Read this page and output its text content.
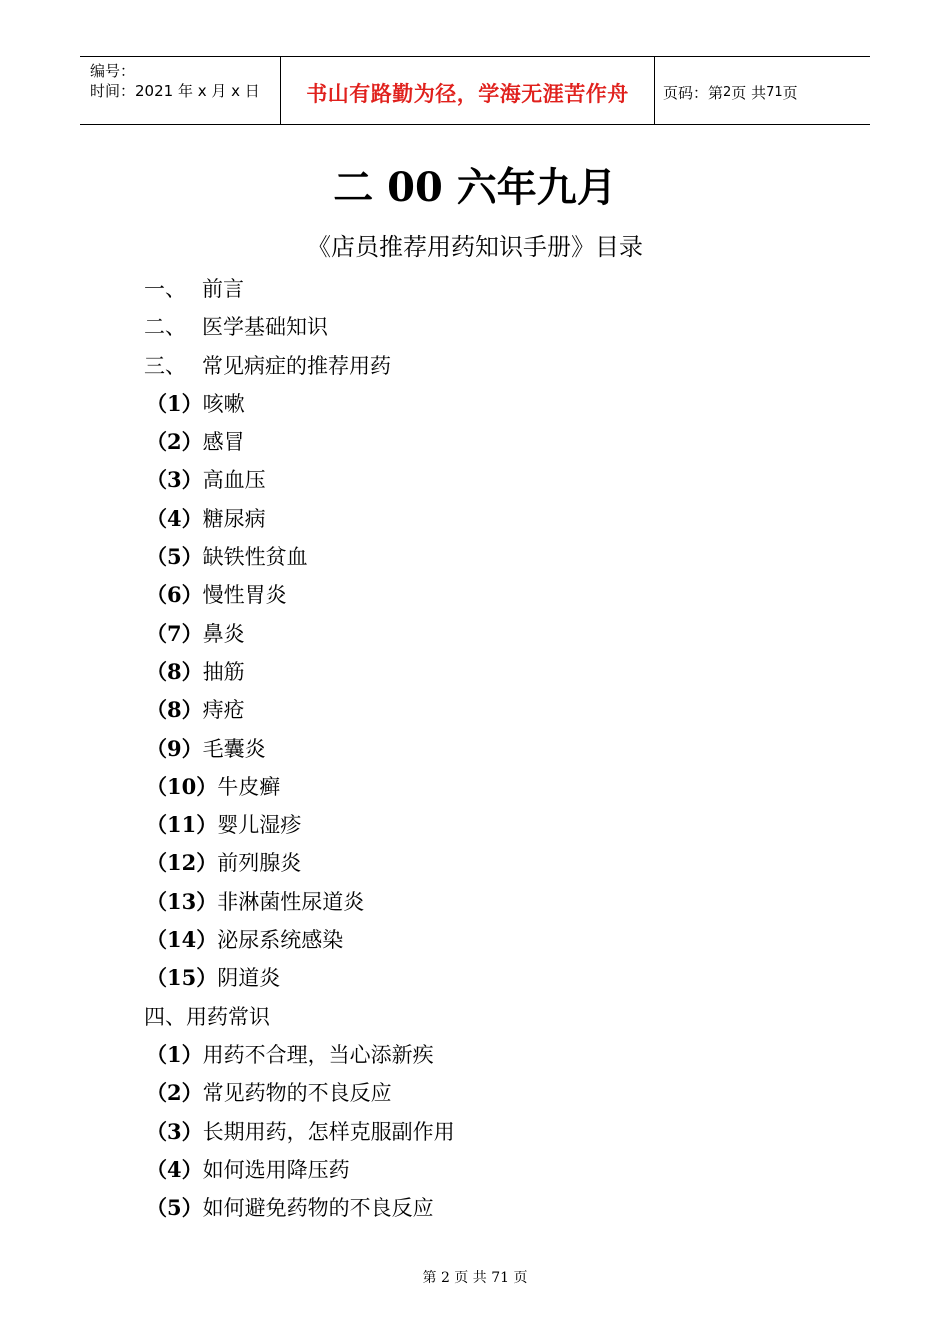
编号：
时间：2021 年 x 月 x 日	书山有路勤为径，学海无涯苦作舟	页码：第 2 页 共 71 页
二 00 六年九月
《店员推荐用药知识手册》目录
一、 前言
二、 医学基础知识
三、 常见病症的推荐用药
（1）咳嗽
（2）感冒
（3）高血压
（4）糖尿病
（5）缺铁性贫血
（6）慢性胃炎
（7）鼻炎
（8）抽筋
（8）痔疮
（9）毛囊炎
（10）牛皮癣
（11）婴儿湿疹
（12）前列腺炎
（13）非淋菌性尿道炎
（14）泌尿系统感染
（15）阴道炎
四、用药常识
（1）用药不合理，当心添新疾
（2）常见药物的不良反应
（3）长期用药，怎样克服副作用
（4）如何选用降压药
（5）如何避免药物的不良反应
第 2 页 共 71 页
